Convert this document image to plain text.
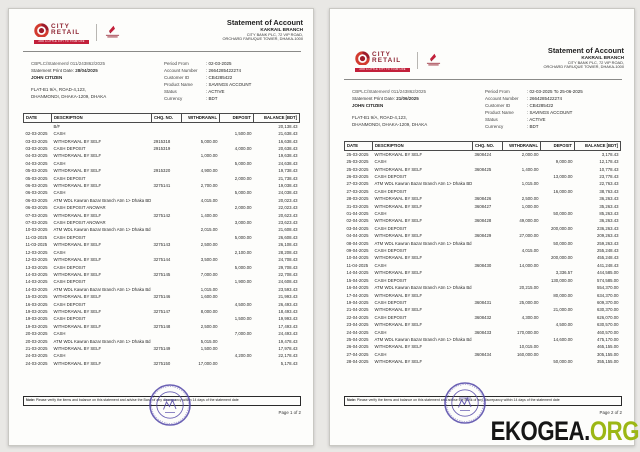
CITY
RETAIL
ADD A LITTLE CITY TO YOUR LIFE
Statement of Account
KAKRAIL BRANCH
CITY BANK PLC, 72 VIP ROAD,
ORCHARD FARUQUE TOWER, DHAKA-1000
CBPLC/Statement/ 011/243862/2025
Statement Print Date: 28/04/2025
JOHN CITIZEN
FLAT-B1 9/A, ROAD-4,123,
DHANMONDI, DHAKA-1209, DHAKA
Period From	: 02-03-2025
Account Number : 2664285422274
Customer ID	: CB4285422
Product Name	: SAVINGS ACCOUNT
Status	: ACTIVE
Currency	: BDT
DATE	DESCRIPTION	CHQ. NO.	WITHDRAWAL	DEPOSIT	BALANCE [BDT]
	B/F				20,138.43
02-03-2025	CASH			1,500.00	21,638.43
03-03-2025	WITHDRAWAL BY SELF	2915318	5,000.00		16,638.43
03-03-2025	CASH DEPOSIT	2915319		4,000.00	20,638.43
04-03-2025	WITHDRAWAL BY SELF		1,000.00		19,638.43
04-03-2025	CASH			5,000.00	24,638.43
05-03-2025	WITHDRAWAL BY SELF	2915320	4,900.00		19,738.43
05-03-2025	CASH DEPOSIT			2,000.00	21,738.43
06-03-2025	WITHDRAWAL BY SELF	3275141	2,700.00		19,038.43
06-03-2025	CASH			5,000.00	24,038.43
06-03-2025	ATM WDL Kawran Bazar Branch Atm 1> Dhaka BD		4,015.00		20,023.43
06-03-2025	CASH DEPOSIT ANOWAR			2,000.00	22,023.43
07-03-2025	WITHDRAWAL BY SELF	3275142	1,400.00		20,623.43
07-03-2025	CASH DEPOSIT ANOWAR			3,000.00	23,623.43
10-03-2025	ATM WDL Kawran Bazar Branch Atm 1> Dhaka Bd		2,015.00		21,608.43
11-03-2025	CASH DEPOSIT			5,000.00	26,608.43
11-03-2025	WITHDRAWAL BY SELF	3275143	2,500.00		26,108.43
12-03-2025	CASH			2,100.00	28,208.43
12-03-2025	WITHDRAWAL BY SELF	3275144	3,500.00		24,708.43
13-03-2025	CASH DEPOSIT			5,000.00	29,708.43
14-03-2025	WITHDRAWAL BY SELF	3275145	7,000.00		22,708.43
14-03-2025	CASH DEPOSIT			1,900.00	24,608.43
14-03-2025	ATM WDL Kawran Bazar Branch Atm 1> Dhaka Bd		1,015.00		23,593.43
15-03-2025	WITHDRAWAL BY SELF	3275146	1,600.00		21,993.43
16-03-2025	CASH DEPOSIT			4,500.00	26,493.43
19-03-2025	WITHDRAWAL BY SELF	3275147	8,000.00		18,493.43
19-03-2025	CASH DEPOSIT			1,500.00	19,993.43
19-03-2025	WITHDRAWAL BY SELF	3275148	2,500.00		17,493.43
20-03-2025	CASH			7,000.00	24,493.43
20-03-2025	ATM WDL Kawran Bazar Branch Atm 1> Dhaka Bd		5,015.00		19,478.43
21-03-2025	WITHDRAWAL BY SELF	3275149	1,500.00		17,978.43
24-03-2025	CASH			4,200.00	22,178.43
24-03-2025	WITHDRAWAL BY SELF	3275150	17,000.00		5,178.43
Note: Please verify the items and balance on this statement and advise the Bank of any discrepancy within 14 days of the statement date
Page 1 of 2
CITY
RETAIL
ADD A LITTLE CITY TO YOUR LIFE
Statement of Account
KAKRAIL BRANCH
CITY BANK PLC, 72 VIP ROAD,
ORCHARD FARUQUE TOWER, DHAKA-1000
CBPLC/Statement/ 011/243862/2025
Statement Print Date: 21/06/2025
JOHN CITIZEN
FLAT-B1 9/A, ROAD-4,123,
DHANMONDI, DHAKA-1209, DHAKA
Period From	: 02-03-2025 To 25-06-2025
Account Number : 2664285422274
Customer ID	: CB4285422
Product Name	: SAVINGS ACCOUNT
Status	: ACTIVE
Currency	: BDT
DATE	DESCRIPTION	CHQ. NO.	WITHDRAWAL	DEPOSIT	BALANCE [BDT]
25-03-2025	WITHDRAWAL BY SELF	3608424	2,000.00		3,178.43
25-03-2025	CASH			9,000.00	12,178.43
25-03-2025	WITHDRAWAL BY SELF	3608425	1,400.00		10,778.43
26-03-2025	CASH DEPOSIT			13,000.00	23,778.43
27-03-2025	ATM WDL Kawran Bazar Branch Atm 1> Dhaka BD		1,015.00		22,763.43
27-03-2025	CASH DEPOSIT			16,000.00	38,763.43
28-03-2025	WITHDRAWAL BY SELF	3608426	2,500.00		36,263.43
31-03-2025	WITHDRAWAL BY SELF	3608427	1,000.00		35,263.43
01-04-2025	CASH			50,000.00	85,263.43
02-04-2025	WITHDRAWAL BY SELF	3608428	49,000.00		36,263.43
03-04-2025	CASH DEPOSIT			200,000.00	236,263.43
04-04-2025	WITHDRAWAL BY SELF	3608429	27,000.00		209,263.43
08-04-2025	ATM WDL Kawran Bazar Branch Atm 1> Dhaka Bd			50,000.00	259,263.43
09-04-2025	CASH DEPOSIT		4,015.00		255,248.43
10-04-2025	WITHDRAWAL BY SELF			200,000.00	455,248.43
11-04-2025	CASH	3608430	14,000.00		441,248.43
14-04-2025	WITHDRAWAL BY SELF			3,336.57	444,585.00
15-04-2025	CASH DEPOSIT			130,000.00	574,585.00
16-04-2025	ATM WDL Kawran Bazar Branch Atm 1> Dhaka Bd		20,215.00		554,370.00
17-04-2025	WITHDRAWAL BY SELF			80,000.00	634,370.00
19-04-2025	CASH DEPOSIT	3608431	25,000.00		609,370.00
21-04-2025	WITHDRAWAL BY SELF			21,000.00	630,370.00
22-04-2025	CASH DEPOSIT	3608432	4,300.00		626,070.00
23-04-2025	WITHDRAWAL BY SELF			4,500.00	630,570.00
24-04-2025	CASH	3608433	170,000.00		460,570.00
25-04-2025	ATM WDL Kawran Bazar Branch Atm 1> Dhaka Bd			14,600.00	475,170.00
26-04-2025	WITHDRAWAL BY SELF		10,015.00		465,155.00
27-04-2025	CASH	3608434	160,000.00		305,155.00
28-04-2025	WITHDRAWAL BY SELF			50,000.00	355,155.00
Note: Please verify the items and balance on this statement and advise the Bank of any discrepancy within 14 days of the statement date
Page 2 of 2
EKOGEA.ORG
